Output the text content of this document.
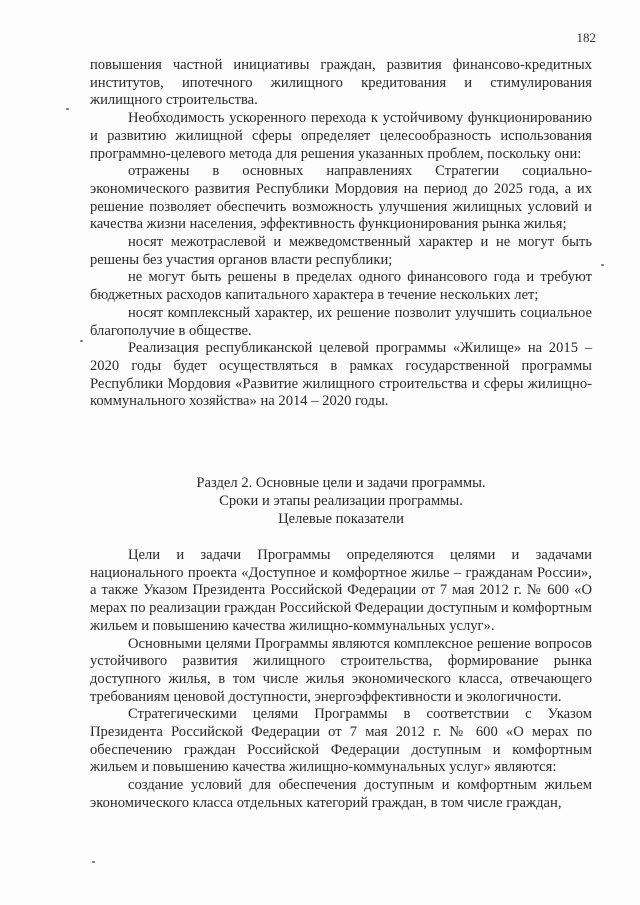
182

повышения частной инициативы граждан, развития финансово-кредитных институтов, ипотечного жилищного кредитования и стимулирования жилищного строительства.

Необходимость ускоренного перехода к устойчивому функционированию и развитию жилищной сферы определяет целесообразность использования программно-целевого метода для решения указанных проблем, поскольку они:

отражены в основных направлениях Стратегии социально-экономического развития Республики Мордовия на период до 2025 года, а их решение позволяет обеспечить возможность улучшения жилищных условий и качества жизни населения, эффективность функционирования рынка жилья;

носят межотраслевой и межведомственный характер и не могут быть решены без участия органов власти республики;

не могут быть решены в пределах одного финансового года и требуют бюджетных расходов капитального характера в течение нескольких лет;

носят комплексный характер, их решение позволит улучшить социальное благополучие в обществе.

Реализация республиканской целевой программы «Жилище» на 2015 – 2020 годы будет осуществляться в рамках государственной программы Республики Мордовия «Развитие жилищного строительства и сферы жилищно-коммунального хозяйства» на 2014 – 2020 годы.

Раздел 2. Основные цели и задачи программы.
Сроки и этапы реализации программы.
Целевые показатели

Цели и задачи Программы определяются целями и задачами национального проекта «Доступное и комфортное жилье – гражданам России», а также Указом Президента Российской Федерации от 7 мая 2012 г. № 600 «О мерах по реализации граждан Российской Федерации доступным и комфортным жильем и повышению качества жилищно-коммунальных услуг».

Основными целями Программы являются комплексное решение вопросов устойчивого развития жилищного строительства, формирование рынка доступного жилья, в том числе жилья экономического класса, отвечающего требованиям ценовой доступности, энергоэффективности и экологичности.

Стратегическими целями Программы в соответствии с Указом Президента Российской Федерации от 7 мая 2012 г. № 600 «О мерах по обеспечению граждан Российской Федерации доступным и комфортным жильем и повышению качества жилищно-коммунальных услуг» являются:

создание условий для обеспечения доступным и комфортным жильем экономического класса отдельных категорий граждан, в том числе граждан,
